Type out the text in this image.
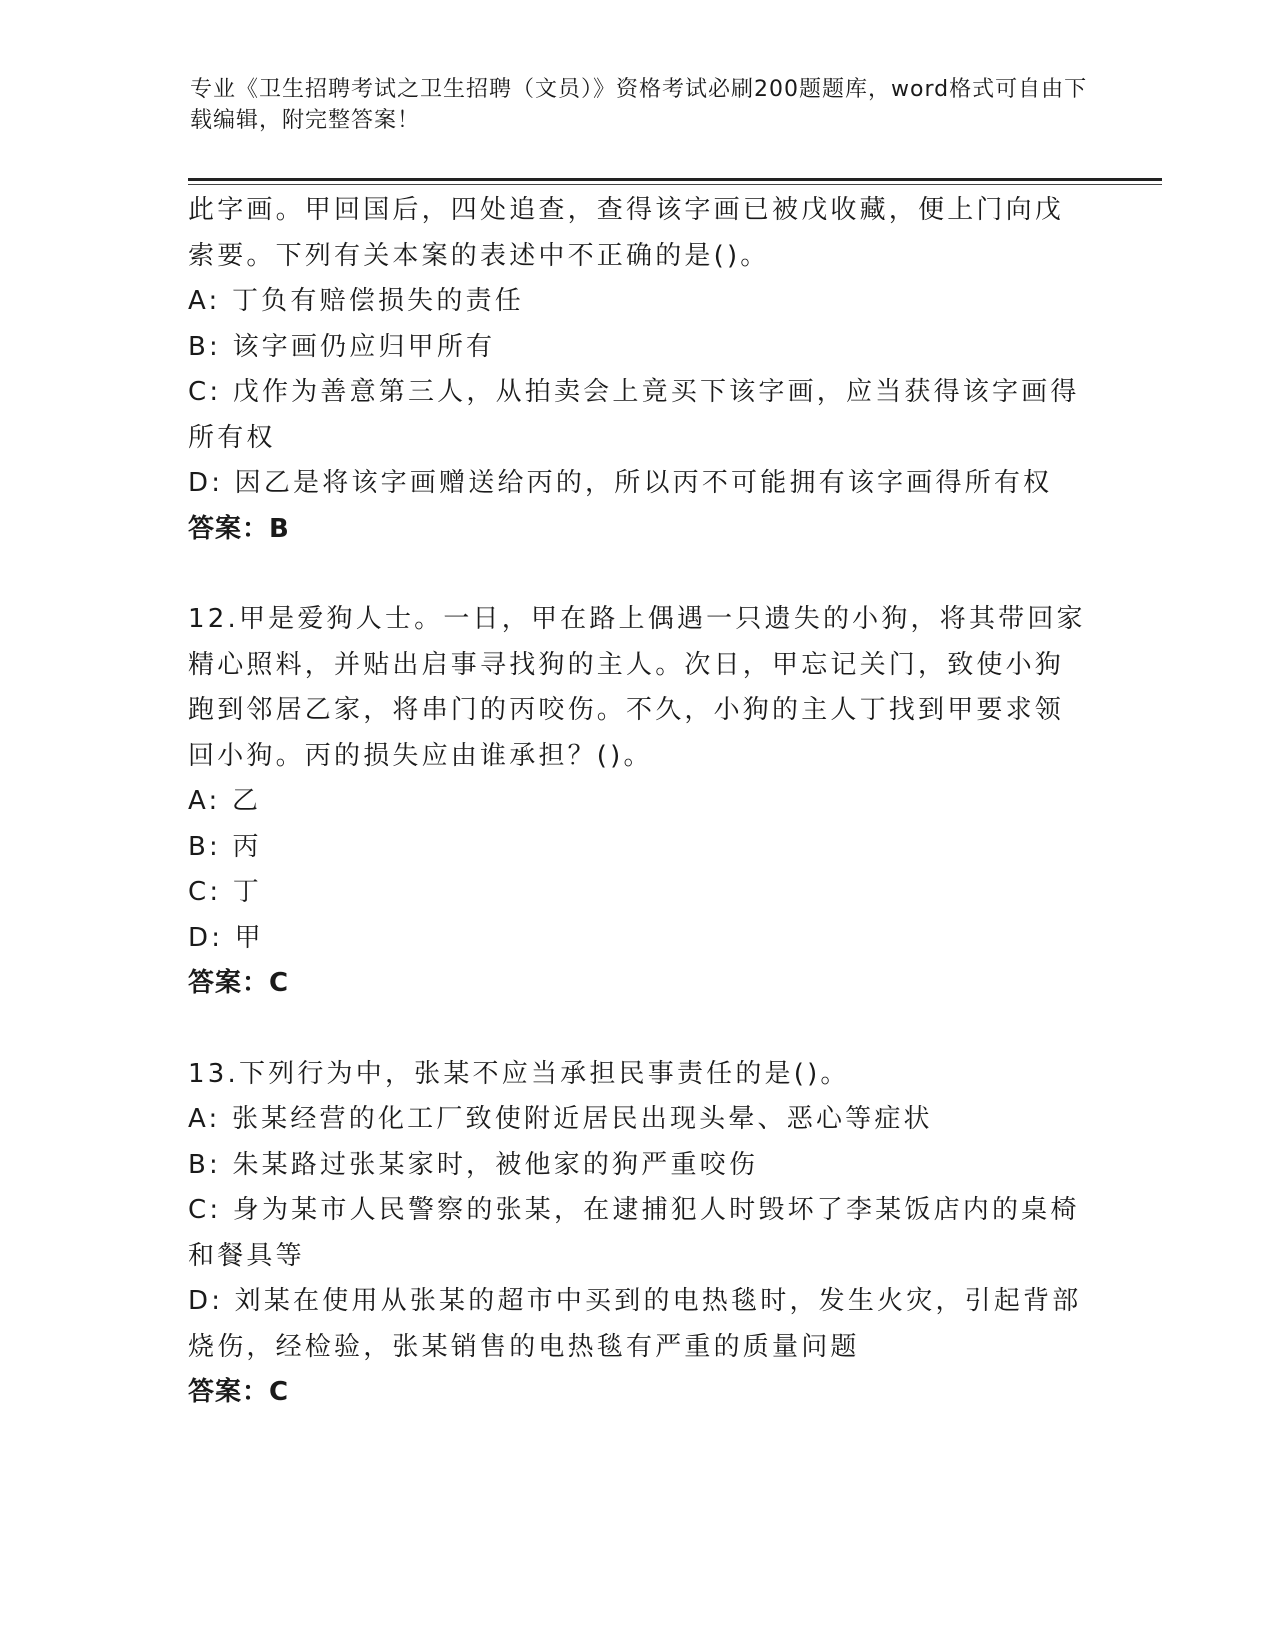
专业《卫生招聘考试之卫生招聘（文员）》资格考试必刷200题题库，word格式可自由下载编辑，附完整答案！

此字画。甲回国后，四处追查，查得该字画已被戊收藏，便上门向戊索要。下列有关本案的表述中不正确的是()。

A: 丁负有赔偿损失的责任

B: 该字画仍应归甲所有

C: 戊作为善意第三人，从拍卖会上竟买下该字画，应当获得该字画得所有权

D: 因乙是将该字画赠送给丙的，所以丙不可能拥有该字画得所有权

答案：B

12.甲是爱狗人士。一日，甲在路上偶遇一只遗失的小狗，将其带回家精心照料，并贴出启事寻找狗的主人。次日，甲忘记关门，致使小狗跑到邻居乙家，将串门的丙咬伤。不久，小狗的主人丁找到甲要求领回小狗。丙的损失应由谁承担？()。

A: 乙

B: 丙

C: 丁

D: 甲

答案：C

13.下列行为中，张某不应当承担民事责任的是()。

A: 张某经营的化工厂致使附近居民出现头晕、恶心等症状

B: 朱某路过张某家时，被他家的狗严重咬伤

C: 身为某市人民警察的张某，在逮捕犯人时毁坏了李某饭店内的桌椅和餐具等

D: 刘某在使用从张某的超市中买到的电热毯时，发生火灾，引起背部烧伤，经检验，张某销售的电热毯有严重的质量问题

答案：C
